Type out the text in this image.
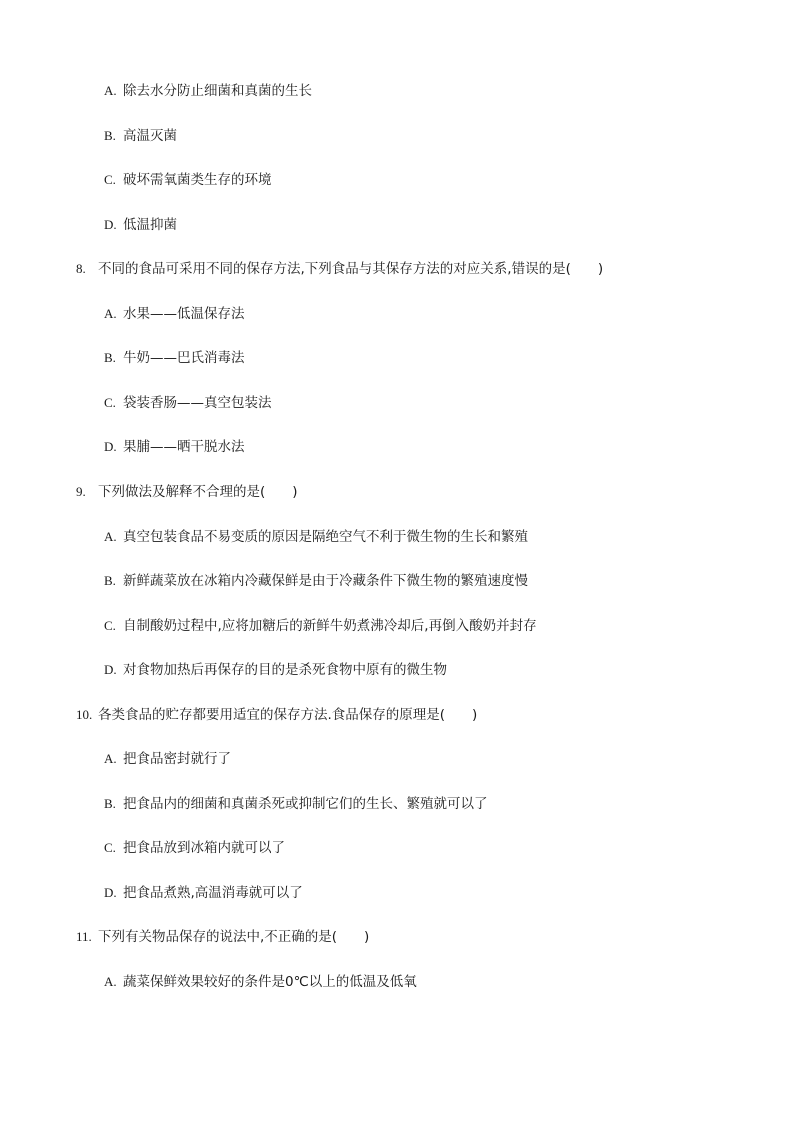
A. 除去水分防止细菌和真菌的生长
B. 高温灭菌
C. 破坏需氧菌类生存的环境
D. 低温抑菌
8. 不同的食品可采用不同的保存方法,下列食品与其保存方法的对应关系,错误的是(　　)
A. 水果——低温保存法
B. 牛奶——巴氏消毒法
C. 袋装香肠——真空包装法
D. 果脯——晒干脱水法
9. 下列做法及解释不合理的是(　　)
A. 真空包装食品不易变质的原因是隔绝空气不利于微生物的生长和繁殖
B. 新鲜蔬菜放在冰箱内冷藏保鲜是由于冷藏条件下微生物的繁殖速度慢
C. 自制酸奶过程中,应将加糖后的新鲜牛奶煮沸冷却后,再倒入酸奶并封存
D. 对食物加热后再保存的目的是杀死食物中原有的微生物
10. 各类食品的贮存都要用适宜的保存方法.食品保存的原理是(　　)
A. 把食品密封就行了
B. 把食品内的细菌和真菌杀死或抑制它们的生长、繁殖就可以了
C. 把食品放到冰箱内就可以了
D. 把食品煮熟,高温消毒就可以了
11. 下列有关物品保存的说法中,不正确的是(　　)
A. 蔬菜保鲜效果较好的条件是0℃以上的低温及低氧
